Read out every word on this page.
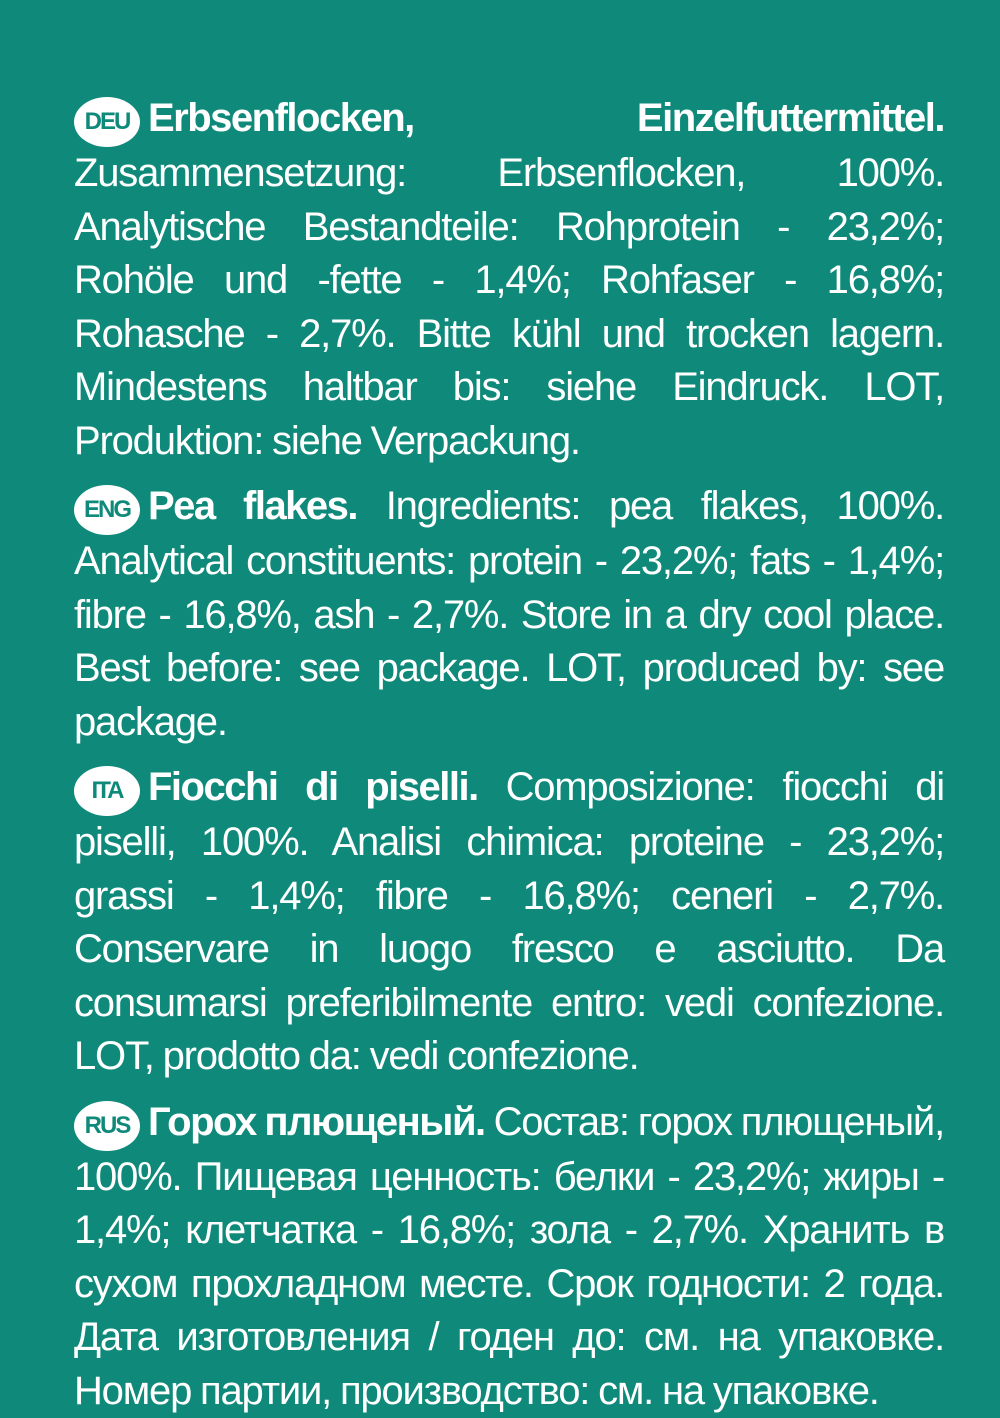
DEU Erbsenflocken, Einzelfuttermittel. Zusammensetzung: Erbsenflocken, 100%. Analytische Bestandteile: Rohprotein - 23,2%; Rohöle und -fette - 1,4%; Rohfaser - 16,8%; Rohasche - 2,7%. Bitte kühl und trocken lagern. Mindestens haltbar bis: siehe Eindruck. LOT, Produktion: siehe Verpackung.

ENG Pea flakes. Ingredients: pea flakes, 100%. Analytical constituents: protein - 23,2%; fats - 1,4%; fibre - 16,8%, ash - 2,7%. Store in a dry cool place. Best before: see package. LOT, produced by: see package.

ITA Fiocchi di piselli. Composizione: fiocchi di piselli, 100%. Analisi chimica: proteine - 23,2%; grassi - 1,4%; fibre - 16,8%; ceneri - 2,7%. Conservare in luogo fresco e asciutto. Da consumarsi preferibilmente entro: vedi confezione. LOT, prodotto da: vedi confezione.

RUS Горох плющеный. Состав: горох плющеный, 100%. Пищевая ценность: белки - 23,2%; жиры - 1,4%; клетчатка - 16,8%; зола - 2,7%. Хранить в сухом прохладном месте. Срок годности: 2 года. Дата изготовления / годен до: см. на упаковке. Номер партии, производство: см. на упаковке.
